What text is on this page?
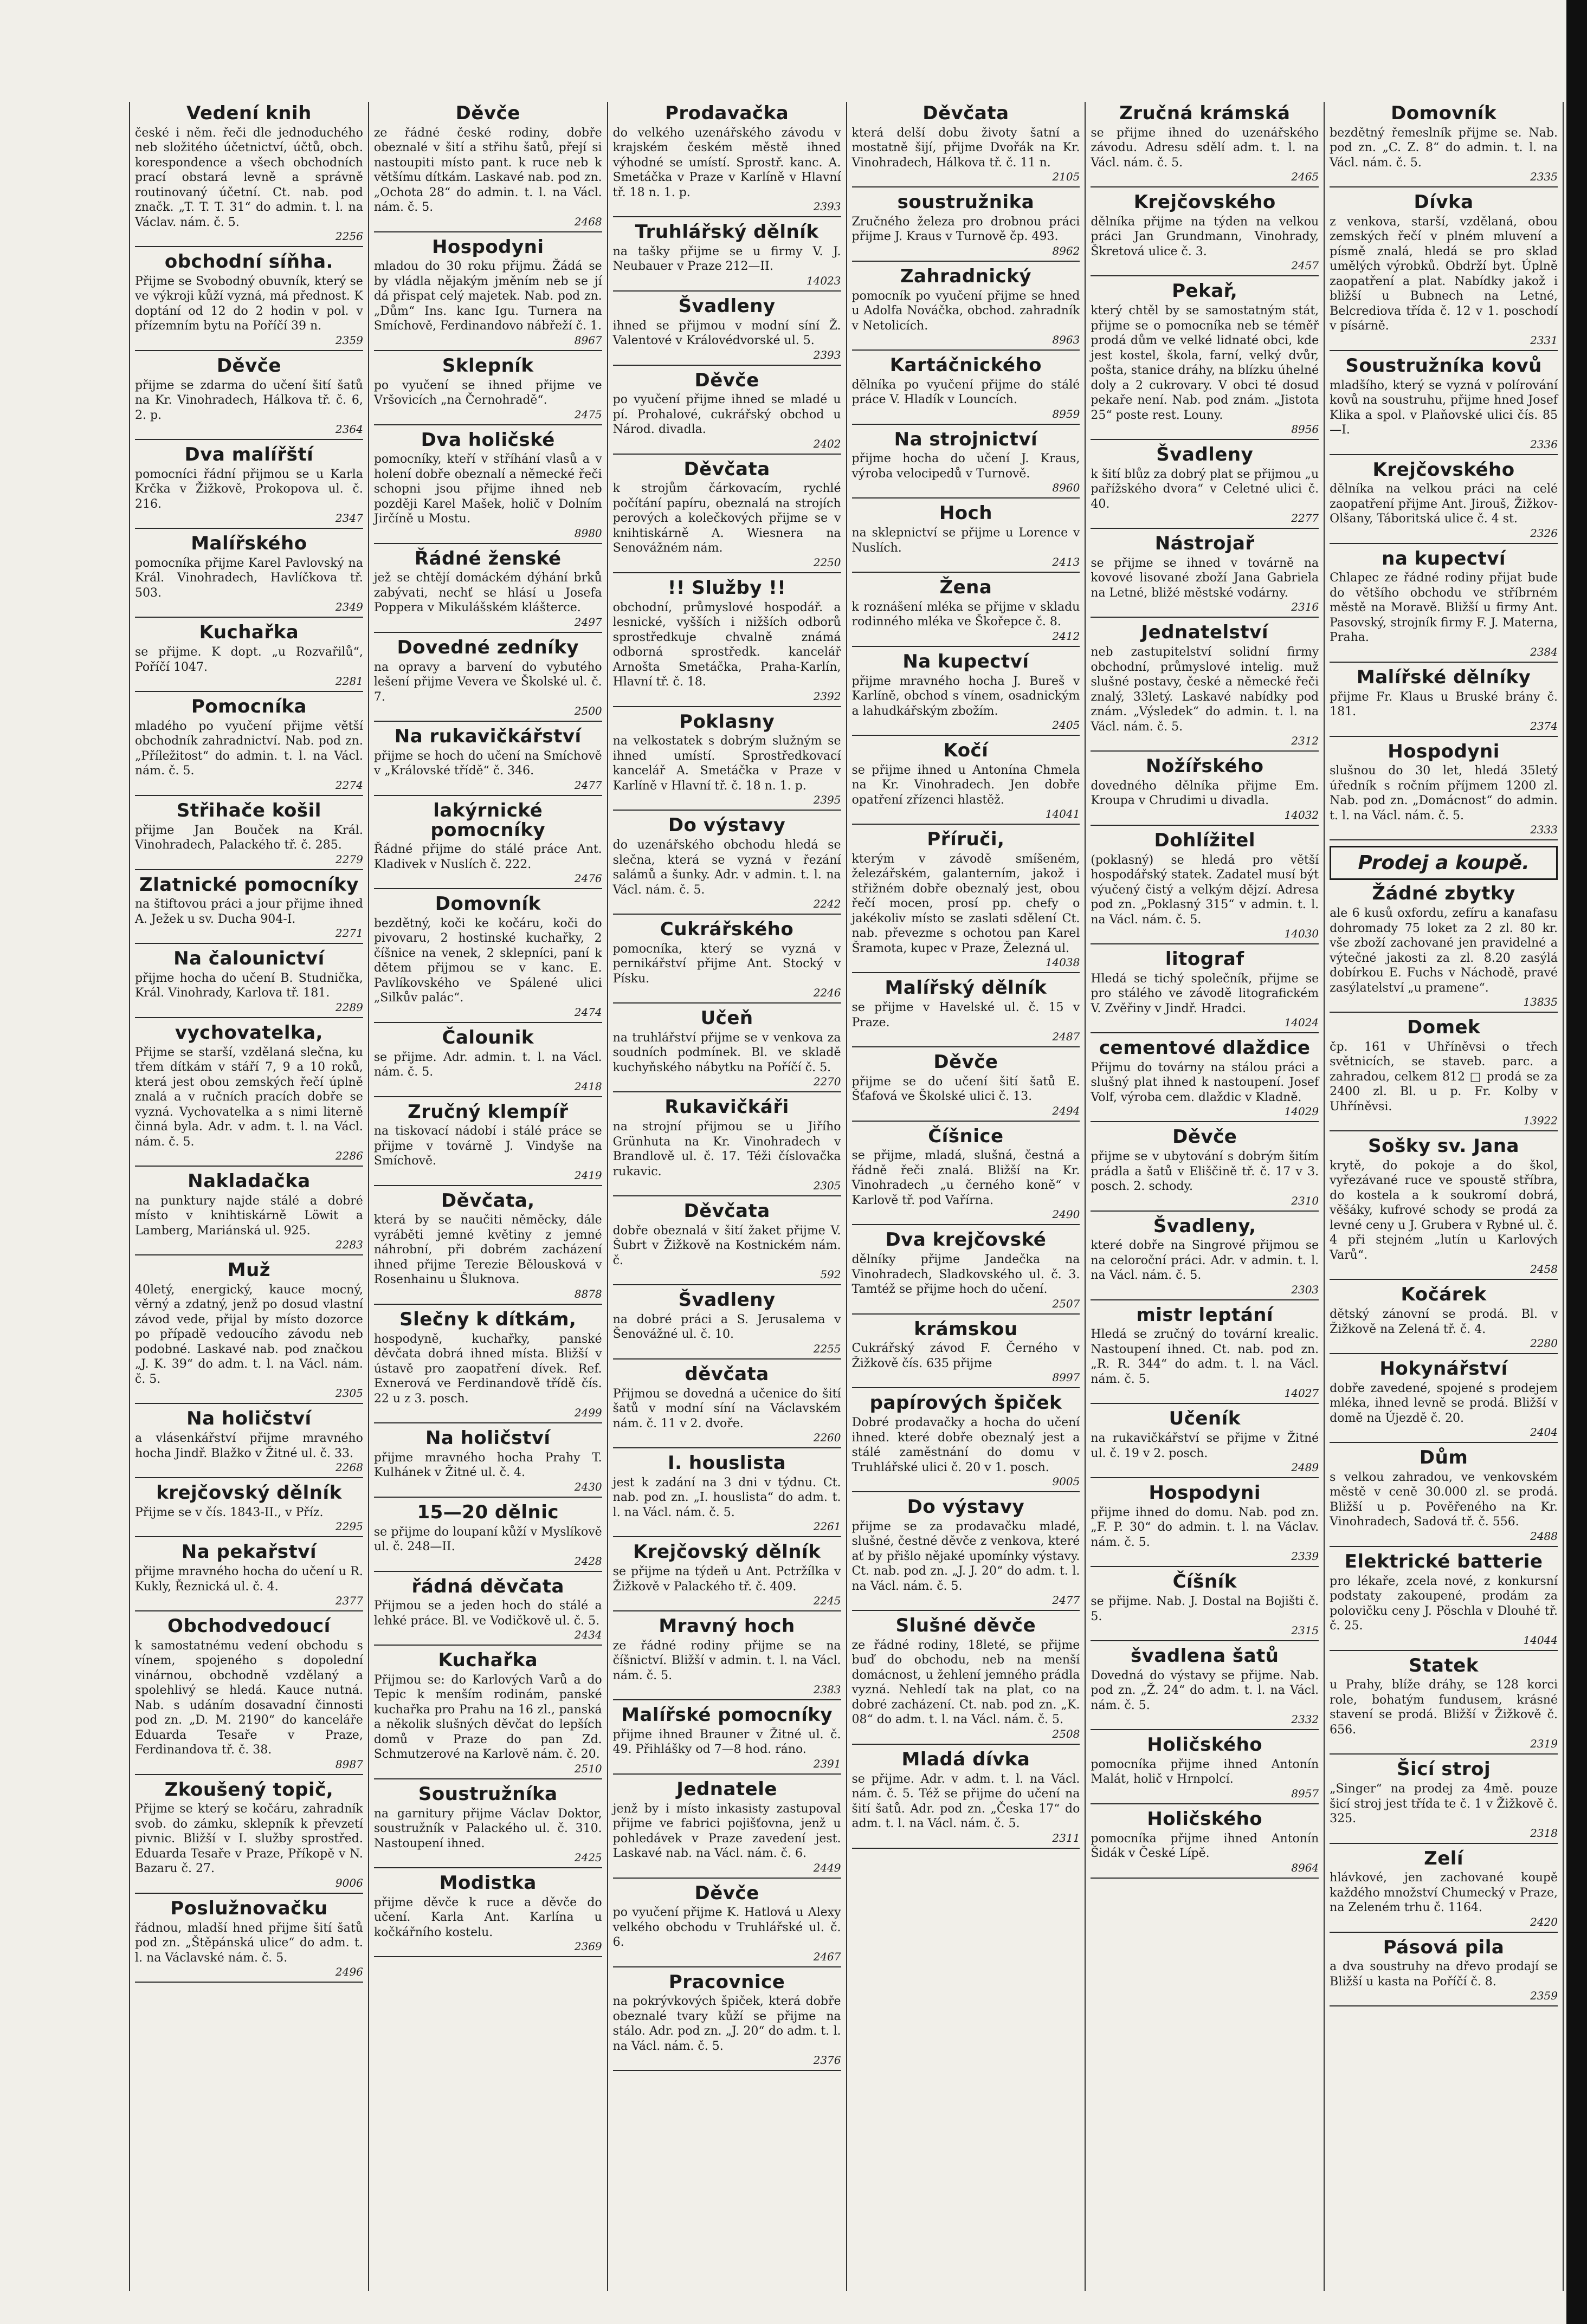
Vedení knih
české i něm. řeči dle jednoduchého neb složitého účetnictví, účtů, obch. korespondence a všech obchodních prací obstará levně a správně routinovaný účetní. Ct. nab. pod značk. „T. T. T. 31“ do admin. t. l. na Václav. nám. č. 5.
2256
obchodní síňha.
Přijme se Svobodný obuvník, který se ve výkroji kůží vyzná, má přednost. K doptání od 12 do 2 hodin v pol. v přízemním bytu na Poříčí 39 n.
2359
Děvče
přijme se zdarma do učení šití šatů na Kr. Vinohradech, Hálkova tř. č. 6, 2. p.
2364
Dva malířští
pomocníci řádní přijmou se u Karla Krčka v Žižkově, Prokopova ul. č. 216.
2347
Malířského
pomocníka přijme Karel Pavlovský na Král. Vinohradech, Havlíčkova tř. 503.
2349
Kuchařka
se přijme. K dopt. „u Rozvařilů“, Poříčí 1047.
2281
Pomocníka
mladého po vyučení přijme větší obchodník zahradnictví. Nab. pod zn. „Příležitost“ do admin. t. l. na Václ. nám. č. 5.
2274
Střihače košil
přijme Jan Bouček na Král. Vinohradech, Palackého tř. č. 285.
2279
Zlatnické pomocníky
na štiftovou práci a jour přijme ihned A. Ježek u sv. Ducha 904-I.
2271
Na čalounictví
přijme hocha do učení B. Studnička, Král. Vinohrady, Karlova tř. 181.
2289
vychovatelka,
Přijme se starší, vzdělaná slečna, ku třem dítkám v stáří 7, 9 a 10 roků, která jest obou zemských řečí úplně znalá a v ručních pracích dobře se vyzná. Vychovatelka a s nimi literně činná byla. Adr. v adm. t. l. na Václ. nám. č. 5.
2286
Nakladačka
na punktury najde stálé a dobré místo v knihtiskárně Löwit a Lamberg, Mariánská ul. 925.
2283
Muž
40letý, energický, kauce mocný, věrný a zdatný, jenž po dosud vlastní závod vede, přijal by místo dozorce po případě vedoucího závodu neb podobné. Laskavé nab. pod značkou „J. K. 39“ do adm. t. l. na Václ. nám. č. 5.
2305
Na holičství
a vlásenkářství přijme mravného hocha Jindř. Blažko v Žitné ul. č. 33.
2268
krejčovský dělník
Přijme se v čís. 1843-II., v Příz.
2295
Na pekařství
přijme mravného hocha do učení u R. Kukly, Řeznická ul. č. 4.
2377
Obchodvedoucí
k samostatnému vedení obchodu s vínem, spojeného s dopolední vinárnou, obchodně vzdělaný a spolehlivý se hledá. Kauce nutná. Nab. s udáním dosavadní činnosti pod zn. „D. M. 2190“ do kanceláře Eduarda Tesaře v Praze, Ferdinandova tř. č. 38.
8987
Zkoušený topič,
Přijme se který se kočáru, zahradník svob. do zámku, sklepník k převzetí pivnic. Bližší v I. služby sprostřed. Eduarda Tesaře v Praze, Příkopě v N. Bazaru č. 27.
9006
Poslužnovačku
řádnou, mladší hned přijme šití šatů pod zn. „Štěpánská ulice“ do adm. t. l. na Václavské nám. č. 5.
2496
Děvče
ze řádné české rodiny, dobře obeznalé v šití a střihu šatů, přejí si nastoupiti místo pant. k ruce neb k většímu dítkám. Laskavé nab. pod zn. „Ochota 28“ do admin. t. l. na Václ. nám. č. 5.
2468
Hospodyni
mladou do 30 roku přijmu. Žádá se by vládla nějakým jměním neb se jí dá přispat celý majetek. Nab. pod zn. „Dům“ Ins. kanc Igu. Turnera na Smíchově, Ferdinandovo nábřeží č. 1.
8967
Sklepník
po vyučení se ihned přijme ve Vršovicích „na Černohradě“.
2475
Dva holičské
pomocníky, kteří v stříhání vlasů a v holení dobře obeznalí a německé řeči schopni jsou přijme ihned neb později Karel Mašek, holič v Dolním Jirčíně u Mostu.
8980
Řádné ženské
jež se chtějí domáckém dýhání brků zabývati, nechť se hlásí u Josefa Poppera v Mikulášském klášterce.
2497
Dovedné zedníky
na opravy a barvení do vybutého lešení přijme Vevera ve Školské ul. č. 7.
2500
Na rukavičkářství
přijme se hoch do učení na Smíchově v „Královské třídě“ č. 346.
2477
lakýrnické pomocníky
Řádné přijme do stálé práce Ant. Kladivek v Nuslích č. 222.
2476
Domovník
bezdětný, koči ke kočáru, koči do pivovaru, 2 hostinské kuchařky, 2 číšnice na venek, 2 sklepníci, paní k dětem přijmou se v kanc. E. Pavlíkovského ve Spálené ulici „Silkův palác“.
2474
Čalounik
se přijme. Adr. admin. t. l. na Václ. nám. č. 5.
2418
Zručný klempíř
na tiskovací nádobí i stálé práce se přijme v továrně J. Vindyše na Smíchově.
2419
Děvčata,
která by se naučiti něměcky, dále vyráběti jemné květiny z jemné náhrobní, při dobrém zacházení ihned přijme Terezie Bělousková v Rosenhainu u Šluknova.
8878
Slečny k dítkám,
hospodyně, kuchařky, panské děvčata dobrá ihned místa. Bližší v ústavě pro zaopatření dívek. Ref. Exnerová ve Ferdinandově třídě čís. 22 u z 3. posch.
2499
Na holičství
přijme mravného hocha Prahy T. Kulhánek v Žitné ul. č. 4.
2430
15—20 dělnic
se přijme do loupaní kůží v Myslíkově ul. č. 248—II.
2428
řádná děvčata
Přijmou se a jeden hoch do stálé a lehké práce. Bl. ve Vodičkově ul. č. 5.
2434
Kuchařka
Přijmou se: do Karlových Varů a do Tepic k menším rodinám, panské kuchařka pro Prahu na 16 zl., panská a několik slušných děvčat do lepších domů v Praze do pan Zd. Schmutzerové na Karlově nám. č. 20.
2510
Soustružníka
na garnitury přijme Václav Doktor, soustružník v Palackého ul. č. 310. Nastoupení ihned.
2425
Modistka
přijme děvče k ruce a děvče do učení. Karla Ant. Karlína u kočkářního kostelu.
2369
Prodavačka
do velkého uzenářského závodu v krajském českém městě ihned výhodné se umístí. Sprostř. kanc. A. Smetáčka v Praze v Karlíně v Hlavní tř. 18 n. 1. p.
2393
Truhlářský dělník
na tašky přijme se u firmy V. J. Neubauer v Praze 212—II.
14023
Švadleny
ihned se přijmou v modní síní Ž. Valentové v Královédvorské ul. 5.
2393
Děvče
po vyučení přijme ihned se mladé u pí. Prohalové, cukrářský obchod u Národ. divadla.
2402
Děvčata
k strojům čárkovacím, rychlé počítání papíru, obeznalá na strojích perových a kolečkových přijme se v knihtiskárně A. Wiesnera na Senovážném nám.
2250
!! Služby !!
obchodní, průmyslové hospodář. a lesnické, vyšších i nižších odborů sprostředkuje chvalně známá odborná sprostředk. kancelář Arnošta Smetáčka, Praha-Karlín, Hlavní tř. č. 18.
2392
Poklasny
na velkostatek s dobrým služným se ihned umístí. Sprostředkovací kancelář A. Smetáčka v Praze v Karlíně v Hlavní tř. č. 18 n. 1. p.
2395
Do výstavy
do uzenářského obchodu hledá se slečna, která se vyzná v řezání salámů a šunky. Adr. v admin. t. l. na Václ. nám. č. 5.
2242
Cukrářského
pomocníka, který se vyzná v pernikářství přijme Ant. Stocký v Písku.
2246
Učeň
na truhlářství přijme se v venkova za soudních podmínek. Bl. ve skladě kuchyňského nábytku na Poříčí č. 5.
2270
Rukavičkáři
na strojní přijmou se u Jiřího Grünhuta na Kr. Vinohradech v Brandlově ul. č. 17. Téži číslovačka rukavic.
2305
Děvčata
dobře obeznalá v šití žaket přijme V. Šubrt v Žižkově na Kostnickém nám. č.
592
Švadleny
na dobré práci a S. Jerusalema v Šenovážné ul. č. 10.
2255
děvčata
Přijmou se dovedná a učenice do šití šatů v modní síní na Václavském nám. č. 11 v 2. dvoře.
2260
I. houslista
jest k zadání na 3 dni v týdnu. Ct. nab. pod zn. „I. houslista“ do adm. t. l. na Václ. nám. č. 5.
2261
Krejčovský dělník
se přijme na týdeň u Ant. Pctržílka v Žižkově v Palackého tř. č. 409.
2245
Mravný hoch
ze řádné rodiny přijme se na číšnictví. Bližší v admin. t. l. na Václ. nám. č. 5.
2383
Malířské pomocníky
přijme ihned Brauner v Žitné ul. č. 49. Přihlášky od 7—8 hod. ráno.
2391
Jednatele
jenž by i místo inkasisty zastupoval přijme ve fabrici pojišťovna, jenž u pohledávek v Praze zavedení jest. Laskavé nab. na Václ. nám. č. 6.
2449
Děvče
po vyučení přijme K. Hatlová u Alexy velkého obchodu v Truhlářské ul. č. 6.
2467
Pracovnice
na pokrývkových špiček, která dobře obeznalé tvary kůží se přijme na stálo. Adr. pod zn. „J. 20“ do adm. t. l. na Václ. nám. č. 5.
2376
Děvčata
která delší dobu životy šatní a mostatně šijí, přijme Dvořák na Kr. Vinohradech, Hálkova tř. č. 11 n.
2105
soustružnika
Zručného železa pro drobnou práci přijme J. Kraus v Turnově čp. 493.
8962
Zahradnický
pomocník po vyučení přijme se hned u Adolfa Nováčka, obchod. zahradník v Netolicích.
8963
Kartáčnického
dělníka po vyučení přijme do stálé práce V. Hladík v Louncích.
8959
Na strojnictví
přijme hocha do učení J. Kraus, výroba velocipedů v Turnově.
8960
Hoch
na sklepnictví se přijme u Lorence v Nuslích.
2413
Žena
k roznášení mléka se přijme v skladu rodinného mléka ve Škořepce č. 8.
2412
Na kupectví
přijme mravného hocha J. Bureš v Karlíně, obchod s vínem, osadnickým a lahudkářským zbožím.
2405
Kočí
se přijme ihned u Antonína Chmela na Kr. Vinohradech. Jen dobře opatření zřízenci hlastěž.
14041
Příruči,
kterým v závodě smíšeném, železářském, galanterním, jakož i střižném dobře obeznalý jest, obou řečí mocen, prosí pp. chefy o jakékoliv místo se zaslati sdělení Ct. nab. převezme s ochotou pan Karel Šramota, kupec v Praze, Železná ul.
14038
Malířský dělník
se přijme v Havelské ul. č. 15 v Praze.
2487
Děvče
přijme se do učení šití šatů E. Šťafová ve Školské ulici č. 13.
2494
Číšnice
se přijme, mladá, slušná, čestná a řádně řeči znalá. Bližší na Kr. Vinohradech „u černého koně“ v Karlově tř. pod Vařírna.
2490
Dva krejčovské
dělníky přijme Jandečka na Vinohradech, Sladkovského ul. č. 3. Tamtéž se přijme hoch do učení.
2507
krámskou
Cukrářský závod F. Černého v Žižkově čís. 635 přijme
8997
papírových špiček
Dobré prodavačky a hocha do učení ihned. které dobře obeznalý jest a stálé zaměstnání do domu v Truhlářské ulici č. 20 v 1. posch.
9005
Do výstavy
přijme se za prodavačku mladé, slušné, čestné děvče z venkova, které ať by přišlo nějaké upomínky výstavy. Ct. nab. pod zn. „J. J. 20“ do adm. t. l. na Václ. nám. č. 5.
2477
Slušné děvče
ze řádné rodiny, 18leté, se přijme buď do obchodu, neb na menší domácnost, u žehlení jemného prádla vyzná. Nehledí tak na plat, co na dobré zacházení. Ct. nab. pod zn. „K. 08“ do adm. t. l. na Václ. nám. č. 5.
2508
Mladá dívka
se přijme. Adr. v adm. t. l. na Václ. nám. č. 5. Též se přijme do učení na šití šatů. Adr. pod zn. „Česka 17“ do adm. t. l. na Václ. nám. č. 5.
2311
Zručná krámská
se přijme ihned do uzenářského závodu. Adresu sdělí adm. t. l. na Václ. nám. č. 5.
2465
Krejčovského
dělníka přijme na týden na velkou práci Jan Grundmann, Vinohrady, Škretová ulice č. 3.
2457
Pekař,
který chtěl by se samostatným stát, přijme se o pomocníka neb se téměř prodá dům ve velké lidnaté obci, kde jest kostel, škola, farní, velký dvůr, pošta, stanice dráhy, na blízku úhelné doly a 2 cukrovary. V obci té dosud pekaře není. Nab. pod znám. „Jistota 25“ poste rest. Louny.
8956
Švadleny
k šití blůz za dobrý plat se přijmou „u pařížského dvora“ v Celetné ulici č. 40.
2277
Nástrojař
se přijme se ihned v továrně na kovové lisované zboží Jana Gabriela na Letné, bližé městské vodárny.
2316
Jednatelství
neb zastupitelství solidní firmy obchodní, průmyslové intelig. muž slušné postavy, české a německé řeči znalý, 33letý. Laskavé nabídky pod znám. „Výsledek“ do admin. t. l. na Václ. nám. č. 5.
2312
Nožířského
dovedného dělníka přijme Em. Kroupa v Chrudimi u divadla.
14032
Dohlížitel
(poklasný) se hledá pro větší hospodářský statek. Zadatel musí být výučený čistý a velkým dějzí. Adresa pod zn. „Poklasný 315“ v admin. t. l. na Václ. nám. č. 5.
14030
litograf
Hledá se tichý společník, přijme se pro stálého ve závodě litografickém V. Zvěřiny v Jindř. Hradci.
14024
cementové dlaždice
Přijmu do továrny na stálou práci a slušný plat ihned k nastoupení. Josef Volf, výroba cem. dlaždic v Kladně.
14029
Děvče
přijme se v ubytování s dobrým šitím prádla a šatů v Eliščině tř. č. 17 v 3. posch. 2. schody.
2310
Švadleny,
které dobře na Singrové přijmou se na celoroční práci. Adr. v admin. t. l. na Václ. nám. č. 5.
2303
mistr leptání
Hledá se zručný do tovární krealic. Nastoupení ihned. Ct. nab. pod zn. „R. R. 344“ do adm. t. l. na Václ. nám. č. 5.
14027
Učeník
na rukavičkářství se přijme v Žitné ul. č. 19 v 2. posch.
2489
Hospodyni
přijme ihned do domu. Nab. pod zn. „F. P. 30“ do admin. t. l. na Václav. nám. č. 5.
2339
Číšník
se přijme. Nab. J. Dostal na Bojišti č. 5.
2315
švadlena šatů
Dovedná do výstavy se přijme. Nab. pod zn. „Ž. 24“ do adm. t. l. na Václ. nám. č. 5.
2332
Holičského
pomocníka přijme ihned Antonín Malát, holič v Hrnpolcí.
8957
Holičského
pomocníka přijme ihned Antonín Šidák v České Lípě.
8964
Domovník
bezdětný řemeslník přijme se. Nab. pod zn. „C. Z. 8“ do admin. t. l. na Václ. nám. č. 5.
2335
Dívka
z venkova, starší, vzdělaná, obou zemských řečí v plném mluvení a písmě znalá, hledá se pro sklad umělých výrobků. Obdrží byt. Úplně zaopatření a plat. Nabídky jakož i bližší u Bubnech na Letné, Belcrediova třída č. 12 v 1. poschodí v písárně.
2331
Soustružníka kovů
mladšího, který se vyzná v polírování kovů na soustruhu, přijme hned Josef Klika a spol. v Plaňovské ulici čís. 85—I.
2336
Krejčovského
dělníka na velkou práci na celé zaopatření přijme Ant. Jirouš, Žižkov-Olšany, Táboritská ulice č. 4 st.
2326
na kupectví
Chlapec ze řádné rodiny přijat bude do většího obchodu ve stříbrném městě na Moravě. Bližší u firmy Ant. Pasovský, strojník firmy F. J. Materna, Praha.
2384
Malířské dělníky
přijme Fr. Klaus u Bruské brány č. 181.
2374
Hospodyni
slušnou do 30 let, hledá 35letý úředník s ročním příjmem 1200 zl. Nab. pod zn. „Domácnost“ do admin. t. l. na Václ. nám. č. 5.
2333
Prodej a koupě.
Žádné zbytky
ale 6 kusů oxfordu, zefíru a kanafasu dohromady 75 loket za 2 zl. 80 kr. vše zboží zachované jen pravidelné a výtečné jakosti za zl. 8.20 zasýlá dobírkou E. Fuchs v Náchodě, pravé zasýlatelství „u pramene“.
13835
Domek
čp. 161 v Uhříněvsi o třech světnicích, se staveb. parc. a zahradou, celkem 812 □ prodá se za 2400 zl. Bl. u p. Fr. Kolby v Uhříněvsi.
13922
Sošky sv. Jana
krytě, do pokoje a do škol, vyřezávané ruce ve spoustě stříbra, do kostela a k soukromí dobrá, věšáky, kufrové schody se prodá za levné ceny u J. Grubera v Rybné ul. č. 4 při stejném „lutín u Karlových Varů“.
2458
Kočárek
dětský zánovní se prodá. Bl. v Žižkově na Zelená tř. č. 4.
2280
Hokynářství
dobře zavedené, spojené s prodejem mléka, ihned levně se prodá. Bližší v domě na Újezdě č. 20.
2404
Dům
s velkou zahradou, ve venkovském městě v ceně 30.000 zl. se prodá. Bližší u p. Pověřeného na Kr. Vinohradech, Sadová tř. č. 556.
2488
Elektrické batterie
pro lékaře, zcela nové, z konkursní podstaty zakoupené, prodám za polovičku ceny J. Pöschla v Dlouhé tř. č. 25.
14044
Statek
u Prahy, blíže dráhy, se 128 korci role, bohatým fundusem, krásné stavení se prodá. Bližší v Žižkově č. 656.
2319
Šicí stroj
„Singer“ na prodej za 4mě. pouze šicí stroj jest třída te č. 1 v Žižkově č. 325.
2318
Zelí
hlávkové, jen zachované koupě každého množství Chumecký v Praze, na Zeleném trhu č. 1164.
2420
Pásová pila
a dva soustruhy na dřevo prodají se Bližší u kasta na Poříčí č. 8.
2359
